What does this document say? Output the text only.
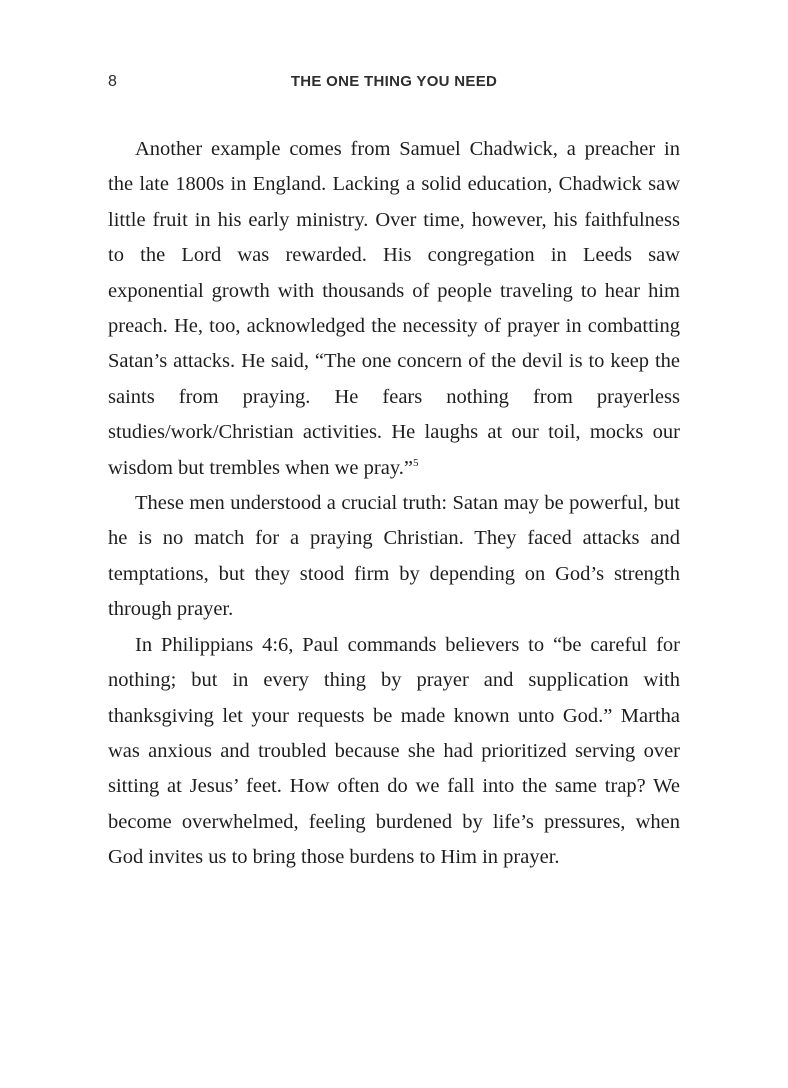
8	THE ONE THING YOU NEED

Another example comes from Samuel Chadwick, a preacher in the late 1800s in England. Lacking a solid education, Chadwick saw little fruit in his early ministry. Over time, however, his faithfulness to the Lord was rewarded. His congregation in Leeds saw exponential growth with thousands of people traveling to hear him preach. He, too, acknowledged the necessity of prayer in combatting Satan’s attacks. He said, “The one concern of the devil is to keep the saints from praying. He fears nothing from prayerless studies/work/Christian activities. He laughs at our toil, mocks our wisdom but trembles when we pray.”$^5$

These men understood a crucial truth: Satan may be powerful, but he is no match for a praying Christian. They faced attacks and temptations, but they stood firm by depending on God’s strength through prayer.

In Philippians 4:6, Paul commands believers to “be careful for nothing; but in every thing by prayer and supplication with thanksgiving let your requests be made known unto God.” Martha was anxious and troubled because she had prioritized serving over sitting at Jesus’ feet. How often do we fall into the same trap? We become overwhelmed, feeling burdened by life’s pressures, when God invites us to bring those burdens to Him in prayer.
